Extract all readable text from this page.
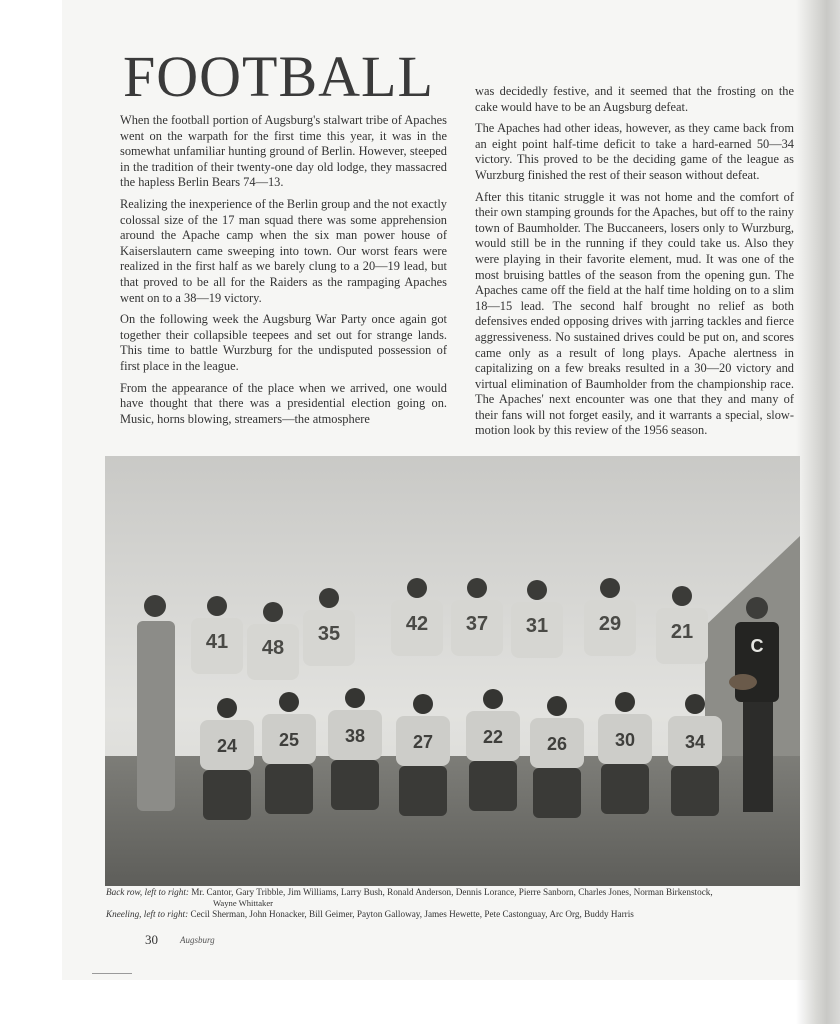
FOOTBALL

When the football portion of Augsburg's stalwart tribe of Apaches went on the warpath for the first time this year, it was in the somewhat unfamiliar hunting ground of Berlin. However, steeped in the tradition of their twenty-one day old lodge, they massacred the hapless Berlin Bears 74—13.

Realizing the inexperience of the Berlin group and the not exactly colossal size of the 17 man squad there was some apprehension around the Apache camp when the six man power house of Kaiserslautern came sweeping into town. Our worst fears were realized in the first half as we barely clung to a 20—19 lead, but that proved to be all for the Raiders as the rampaging Apaches went on to a 38—19 victory.

On the following week the Augsburg War Party once again got together their collapsible teepees and set out for strange lands. This time to battle Wurzburg for the undisputed possession of first place in the league.

From the appearance of the place when we arrived, one would have thought that there was a presidential election going on. Music, horns blowing, streamers—the atmosphere

was decidedly festive, and it seemed that the frosting on the cake would have to be an Augsburg defeat.

The Apaches had other ideas, however, as they came back from an eight point half-time deficit to take a hard-earned 50—34 victory. This proved to be the deciding game of the league as Wurzburg finished the rest of their season without defeat.

After this titanic struggle it was not home and the comfort of their own stamping grounds for the Apaches, but off to the rainy town of Baumholder. The Buccaneers, losers only to Wurzburg, would still be in the running if they could take us. Also they were playing in their favorite element, mud. It was one of the most bruising battles of the season from the opening gun. The Apaches came off the field at the half time holding on to a slim 18—15 lead. The second half brought no relief as both defensives ended opposing drives with jarring tackles and fierce aggressiveness. No sustained drives could be put on, and scores came only as a result of long plays. Apache alertness in capitalizing on a few breaks resulted in a 30—20 victory and virtual elimination of Baumholder from the championship race. The Apaches' next encounter was one that they and many of their fans will not forget easily, and it warrants a special, slow-motion look by this review of the 1956 season.

41 48
35	42 37 31	29 21
24 25	38	27	22 26	30	34
C
Back row, left to right: Mr. Cantor, Gary Tribble, Jim Williams, Larry Bush, Ronald Anderson, Dennis Lorance, Pierre Sanborn, Charles Jones, Norman Birkenstock,
Wayne Whittaker
Kneeling, left to right: Cecil Sherman, John Honacker, Bill Geimer, Payton Galloway, James Hewette, Pete Castonguay, Arc Org, Buddy Harris
30 Augsburg
